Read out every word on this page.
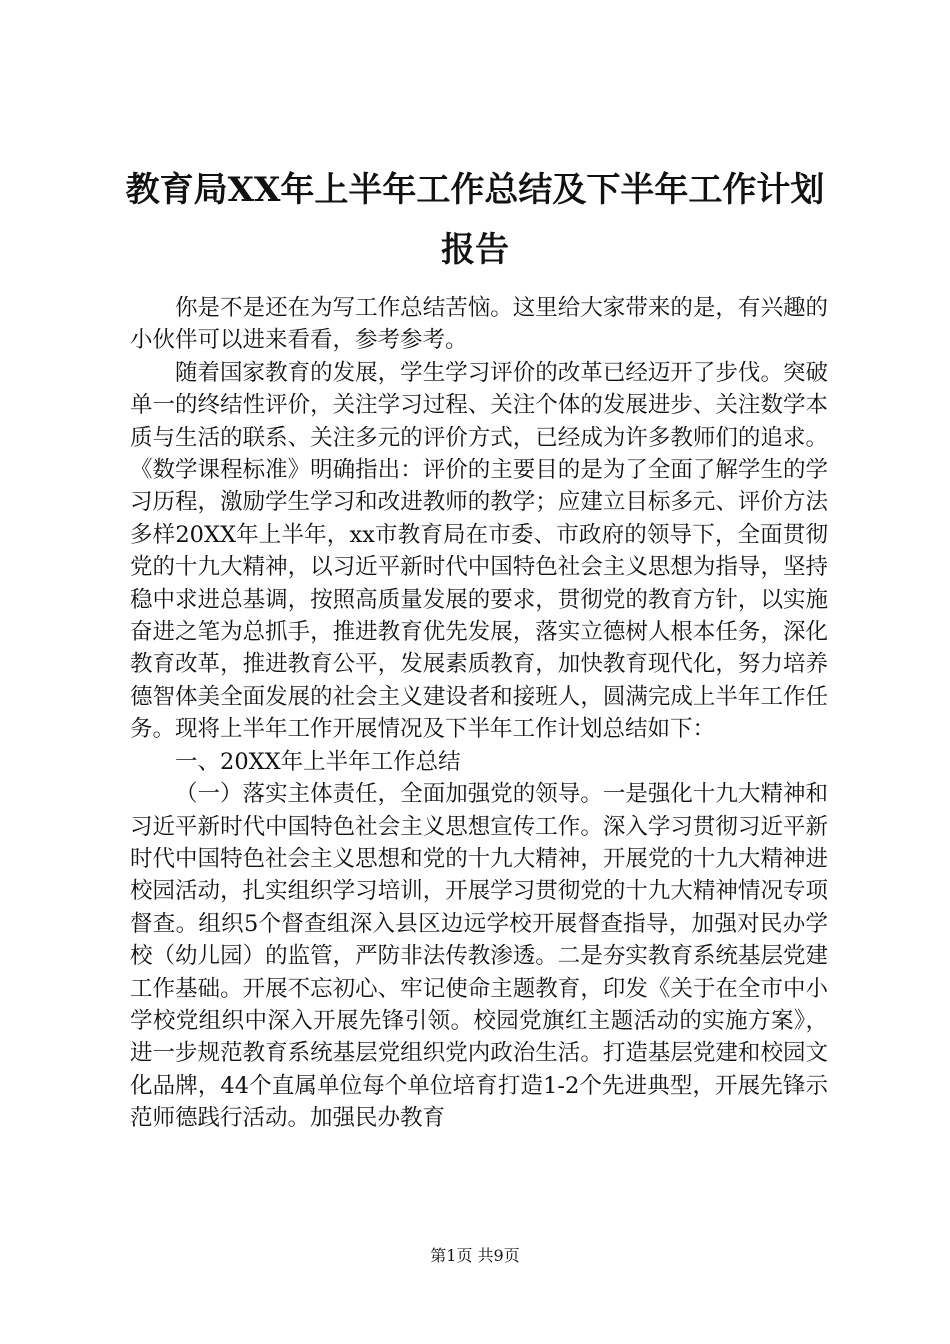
教育局XX年上半年工作总结及下半年工作计划报告

你是不是还在为写工作总结苦恼。这里给大家带来的是，有兴趣的小伙伴可以进来看看，参考参考。

随着国家教育的发展，学生学习评价的改革已经迈开了步伐。突破单一的终结性评价，关注学习过程、关注个体的发展进步、关注数学本质与生活的联系、关注多元的评价方式，已经成为许多教师们的追求。《数学课程标准》明确指出：评价的主要目的是为了全面了解学生的学习历程，激励学生学习和改进教师的教学；应建立目标多元、评价方法多样20XX年上半年，xx市教育局在市委、市政府的领导下，全面贯彻党的十九大精神，以习近平新时代中国特色社会主义思想为指导，坚持稳中求进总基调，按照高质量发展的要求，贯彻党的教育方针，以实施奋进之笔为总抓手，推进教育优先发展，落实立德树人根本任务，深化教育改革，推进教育公平，发展素质教育，加快教育现代化，努力培养德智体美全面发展的社会主义建设者和接班人，圆满完成上半年工作任务。现将上半年工作开展情况及下半年工作计划总结如下：

一、20XX年上半年工作总结

（一）落实主体责任，全面加强党的领导。一是强化十九大精神和习近平新时代中国特色社会主义思想宣传工作。深入学习贯彻习近平新时代中国特色社会主义思想和党的十九大精神，开展党的十九大精神进校园活动，扎实组织学习培训，开展学习贯彻党的十九大精神情况专项督查。组织5个督查组深入县区边远学校开展督查指导，加强对民办学校（幼儿园）的监管，严防非法传教渗透。二是夯实教育系统基层党建工作基础。开展不忘初心、牢记使命主题教育，印发《关于在全市中小学校党组织中深入开展先锋引领。校园党旗红主题活动的实施方案》，进一步规范教育系统基层党组织党内政治生活。打造基层党建和校园文化品牌，44个直属单位每个单位培育打造1-2个先进典型，开展先锋示范师德践行活动。加强民办教育

第1页 共9页
